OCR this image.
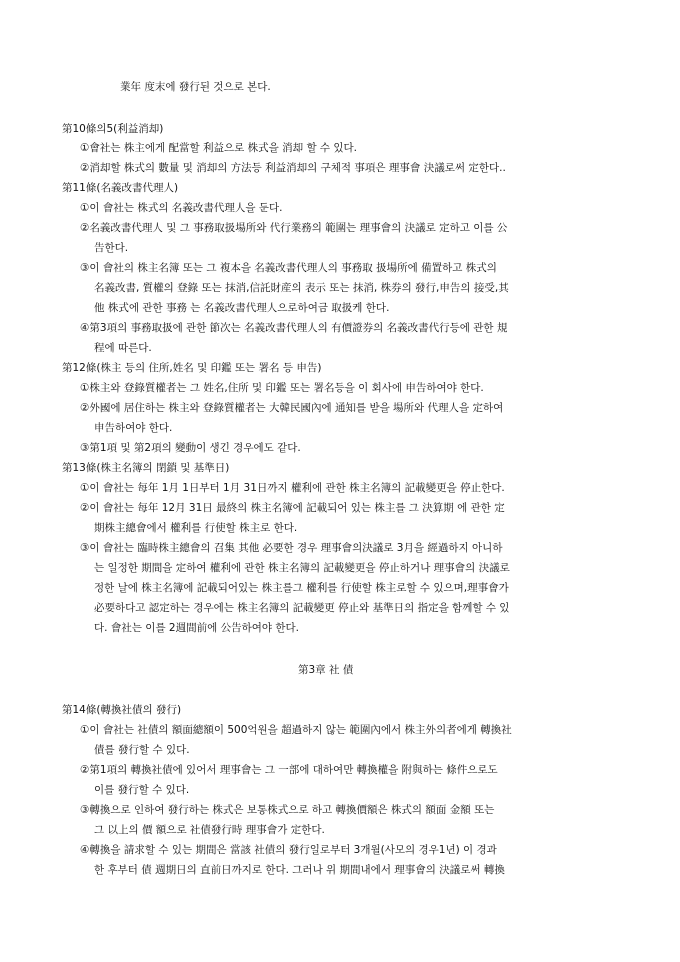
業年 度末에 發行된 것으로 본다.
第10條의5(利益消却)
①會社는 株主에게 配當할 利益으로 株式을 消却 할 수 있다.
②消却할 株式의 數量 및 消却의 方法등 利益消却의 구체적 事項은 理事會 決議로써 定한다..
第11條(名義改書代理人)
①이 會社는 株式의 名義改書代理人을 둔다.
②名義改書代理人 및 그 事務取扱場所와 代行業務의 範圍는 理事會의 決議로 定하고 이를 公
告한다.
③이 會社의 株主名簿 또는 그 複本을 名義改書代理人의 事務取 扱場所에 備置하고 株式의
名義改書, 質權의 登錄 또는 抹消,信託財産의 表示 또는 抹消, 株券의 發行,申告의 接受,其
他 株式에 관한 事務 는 名義改書代理人으로하여금 取扱케 한다.
④第3項의 事務取扱에 관한 節次는 名義改書代理人의 有價證券의 名義改書代行등에 관한 規
程에 따른다.
第12條(株主 등의 住所,姓名 및 印鑑 또는 署名 등 申告)
①株主와 登錄質權者는 그 姓名,住所 및 印鑑 또는 署名등을 이 회사에 申告하여야 한다.
②外國에 居住하는 株主와 登錄質權者는 大韓民國內에 通知를 받을 場所와 代理人을 定하여
申告하여야 한다.
③第1項 및 第2項의 變動이 생긴 경우에도 같다.
第13條(株主名簿의 閉鎖 및 基準日)
①이 會社는 每年 1月 1日부터 1月 31日까지 權利에 관한 株主名簿의 記載變更을 停止한다.
②이 會社는 每年 12月 31日 最終의 株主名簿에 記載되어 있는 株主를 그 決算期 에 관한 定
期株主總會에서 權利를 行使할 株主로 한다.
③이 會社는 臨時株主總會의 召集 其他 必要한 경우 理事會의決議로 3月을 經過하지 아니하
는 일정한 期間을 定하여 權利에 관한 株主名簿의 記載變更을 停止하거나 理事會의 決議로
정한 날에 株主名簿에 記載되어있는 株主를그 權利를 行使할 株主로할 수 있으며,理事會가
必要하다고 認定하는 경우에는 株主名簿의 記載變更 停止와 基準日의 指定을 함께할 수 있
다. 會社는 이를 2週間前에 公告하여야 한다.
第3章 社 債
第14條(轉換社債의 發行)
①이 會社는 社債의 額面總額이 500억원을 超過하지 않는 範圍內에서 株主外의者에게 轉換社
債를 發行할 수 있다.
②第1項의 轉換社債에 있어서 理事會는 그 一部에 대하여만 轉換權을 附與하는 條件으로도
이를 發行할 수 있다.
③轉換으로 인하여 發行하는 株式은 보통株式으로 하고 轉換價額은 株式의 額面 金額 또는
그 以上의 價 額으로 社債發行時 理事會가 定한다.
④轉換을 請求할 수 있는 期間은 當該 社債의 發行일로부터 3개월(사모의 경우1년) 이 경과
한 후부터 債 週期日의 直前日까지로 한다. 그러나 위 期間내에서 理事會의 決議로써 轉換
